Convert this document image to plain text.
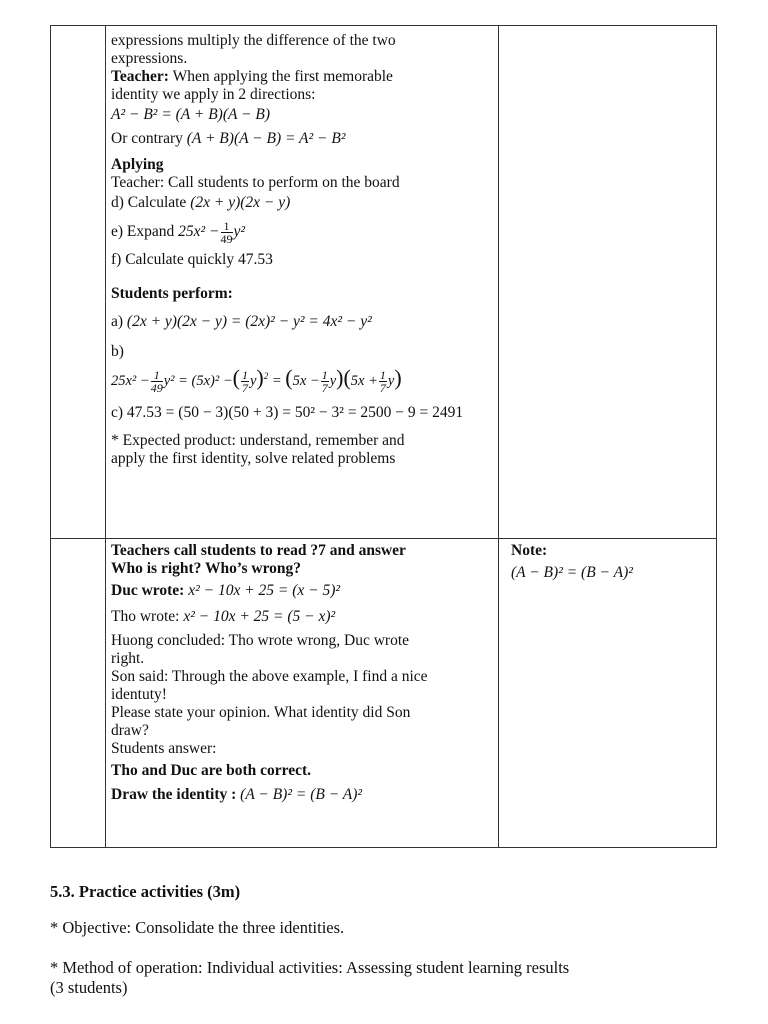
expressions multiply the difference of the two
expressions.
Teacher: When applying the first memorable
identity we apply in 2 directions:
A² − B² = (A + B)(A − B)
Or contrary (A + B)(A − B) = A² − B²
Aplying
Teacher: Call students to perform on the board
d) Calculate (2x + y)(2x − y)
e) Expand $25x^2 - \frac{1}{49} y^2$
f) Calculate quickly 47.53
Students perform:
a) (2x + y)(2x − y) = (2x)² − y² = 4x² − y²
b)
$25x^2 - \frac{1}{49} y^2 = (5x)^2$ −( $\frac{1}{7} y)^2 = (5x - \frac{1}{7} y)(5x + \frac{1}{7} y)$
c) 47.53 = (50 − 3)(50 + 3) = 50² − 3² = 2500 − 9 = 2491
* Expected product: understand, remember and
apply the first identity, solve related problems
Teachers call students to read ?7 and answer
Who is right? Who’s wrong?
Duc wrote: x² − 10x + 25 = (x − 5)²
Tho wrote: x² − 10x + 25 = (5 − x)²
Huong concluded: Tho wrote wrong, Duc wrote
right.
Son said: Through the above example, I find a nice
identuty!
Please state your opinion. What identity did Son
draw?
Students answer:
Tho and Duc are both correct.
Draw the identity : (A − B)² = (B − A)²
Note:
(A − B)² = (B − A)²
5.3. Practice activities (3m)
* Objective: Consolidate the three identities.
* Method of operation: Individual activities: Assessing student learning results
(3 students)
